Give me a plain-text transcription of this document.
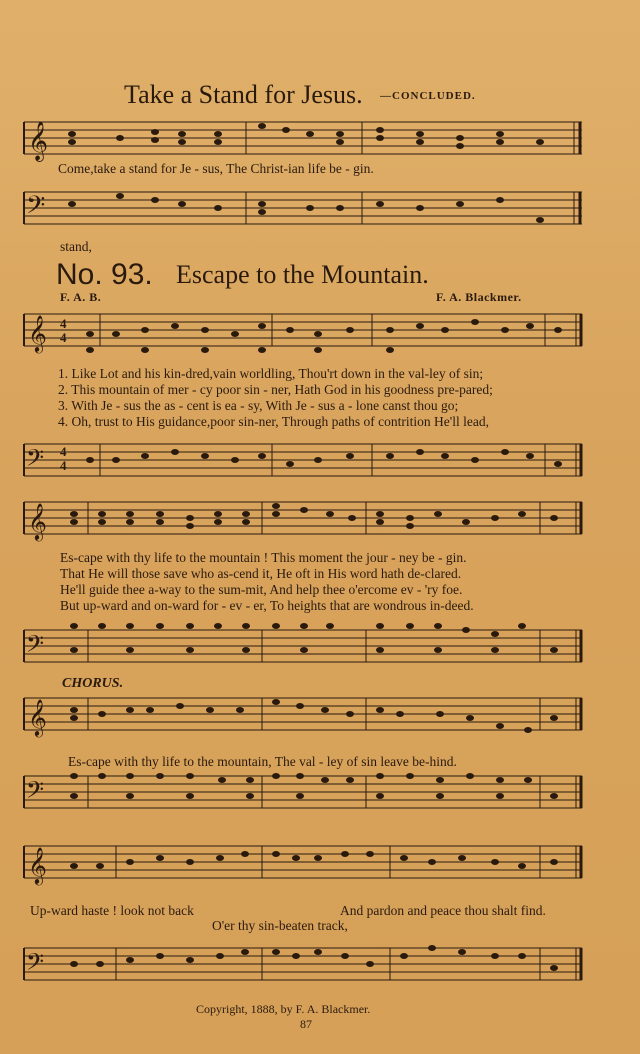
Take a Stand for Jesus. —CONCLUDED.
𝄞
Come,take a stand for Je - sus, The Christ-ian life be - gin.
𝄢
stand,
No. 93. Escape to the Mountain.
F. A. B.	F. A. Blackmer.
𝄞 4
4
1. Like Lot and his kin-dred,vain worldling, Thou'rt down in the val-ley of sin;
2. This mountain of mer - cy poor sin - ner, Hath God in his goodness pre-pared;
3. With Je - sus the as - cent is ea - sy, With Je - sus a - lone canst thou go;
4. Oh, trust to His guidance,poor sin-ner, Through paths of contrition He'll lead,
𝄢 4
4
𝄞
Es-cape with thy life to the mountain ! This moment the jour - ney be - gin.
That He will those save who as-cend it, He oft in His word hath de-clared.
He'll guide thee a-way to the sum-mit, And help thee o'ercome ev - 'ry foe.
But up-ward and on-ward for - ev - er, To heights that are wondrous in-deed.
𝄢
CHORUS.
𝄞
Es-cape with thy life to the mountain, The val - ley of sin leave be-hind.
𝄢
𝄞
Up-ward haste ! look not back	And pardon and peace thou shalt find.
O'er thy sin-beaten track,
𝄢
Copyright, 1888, by F. A. Blackmer.
87
